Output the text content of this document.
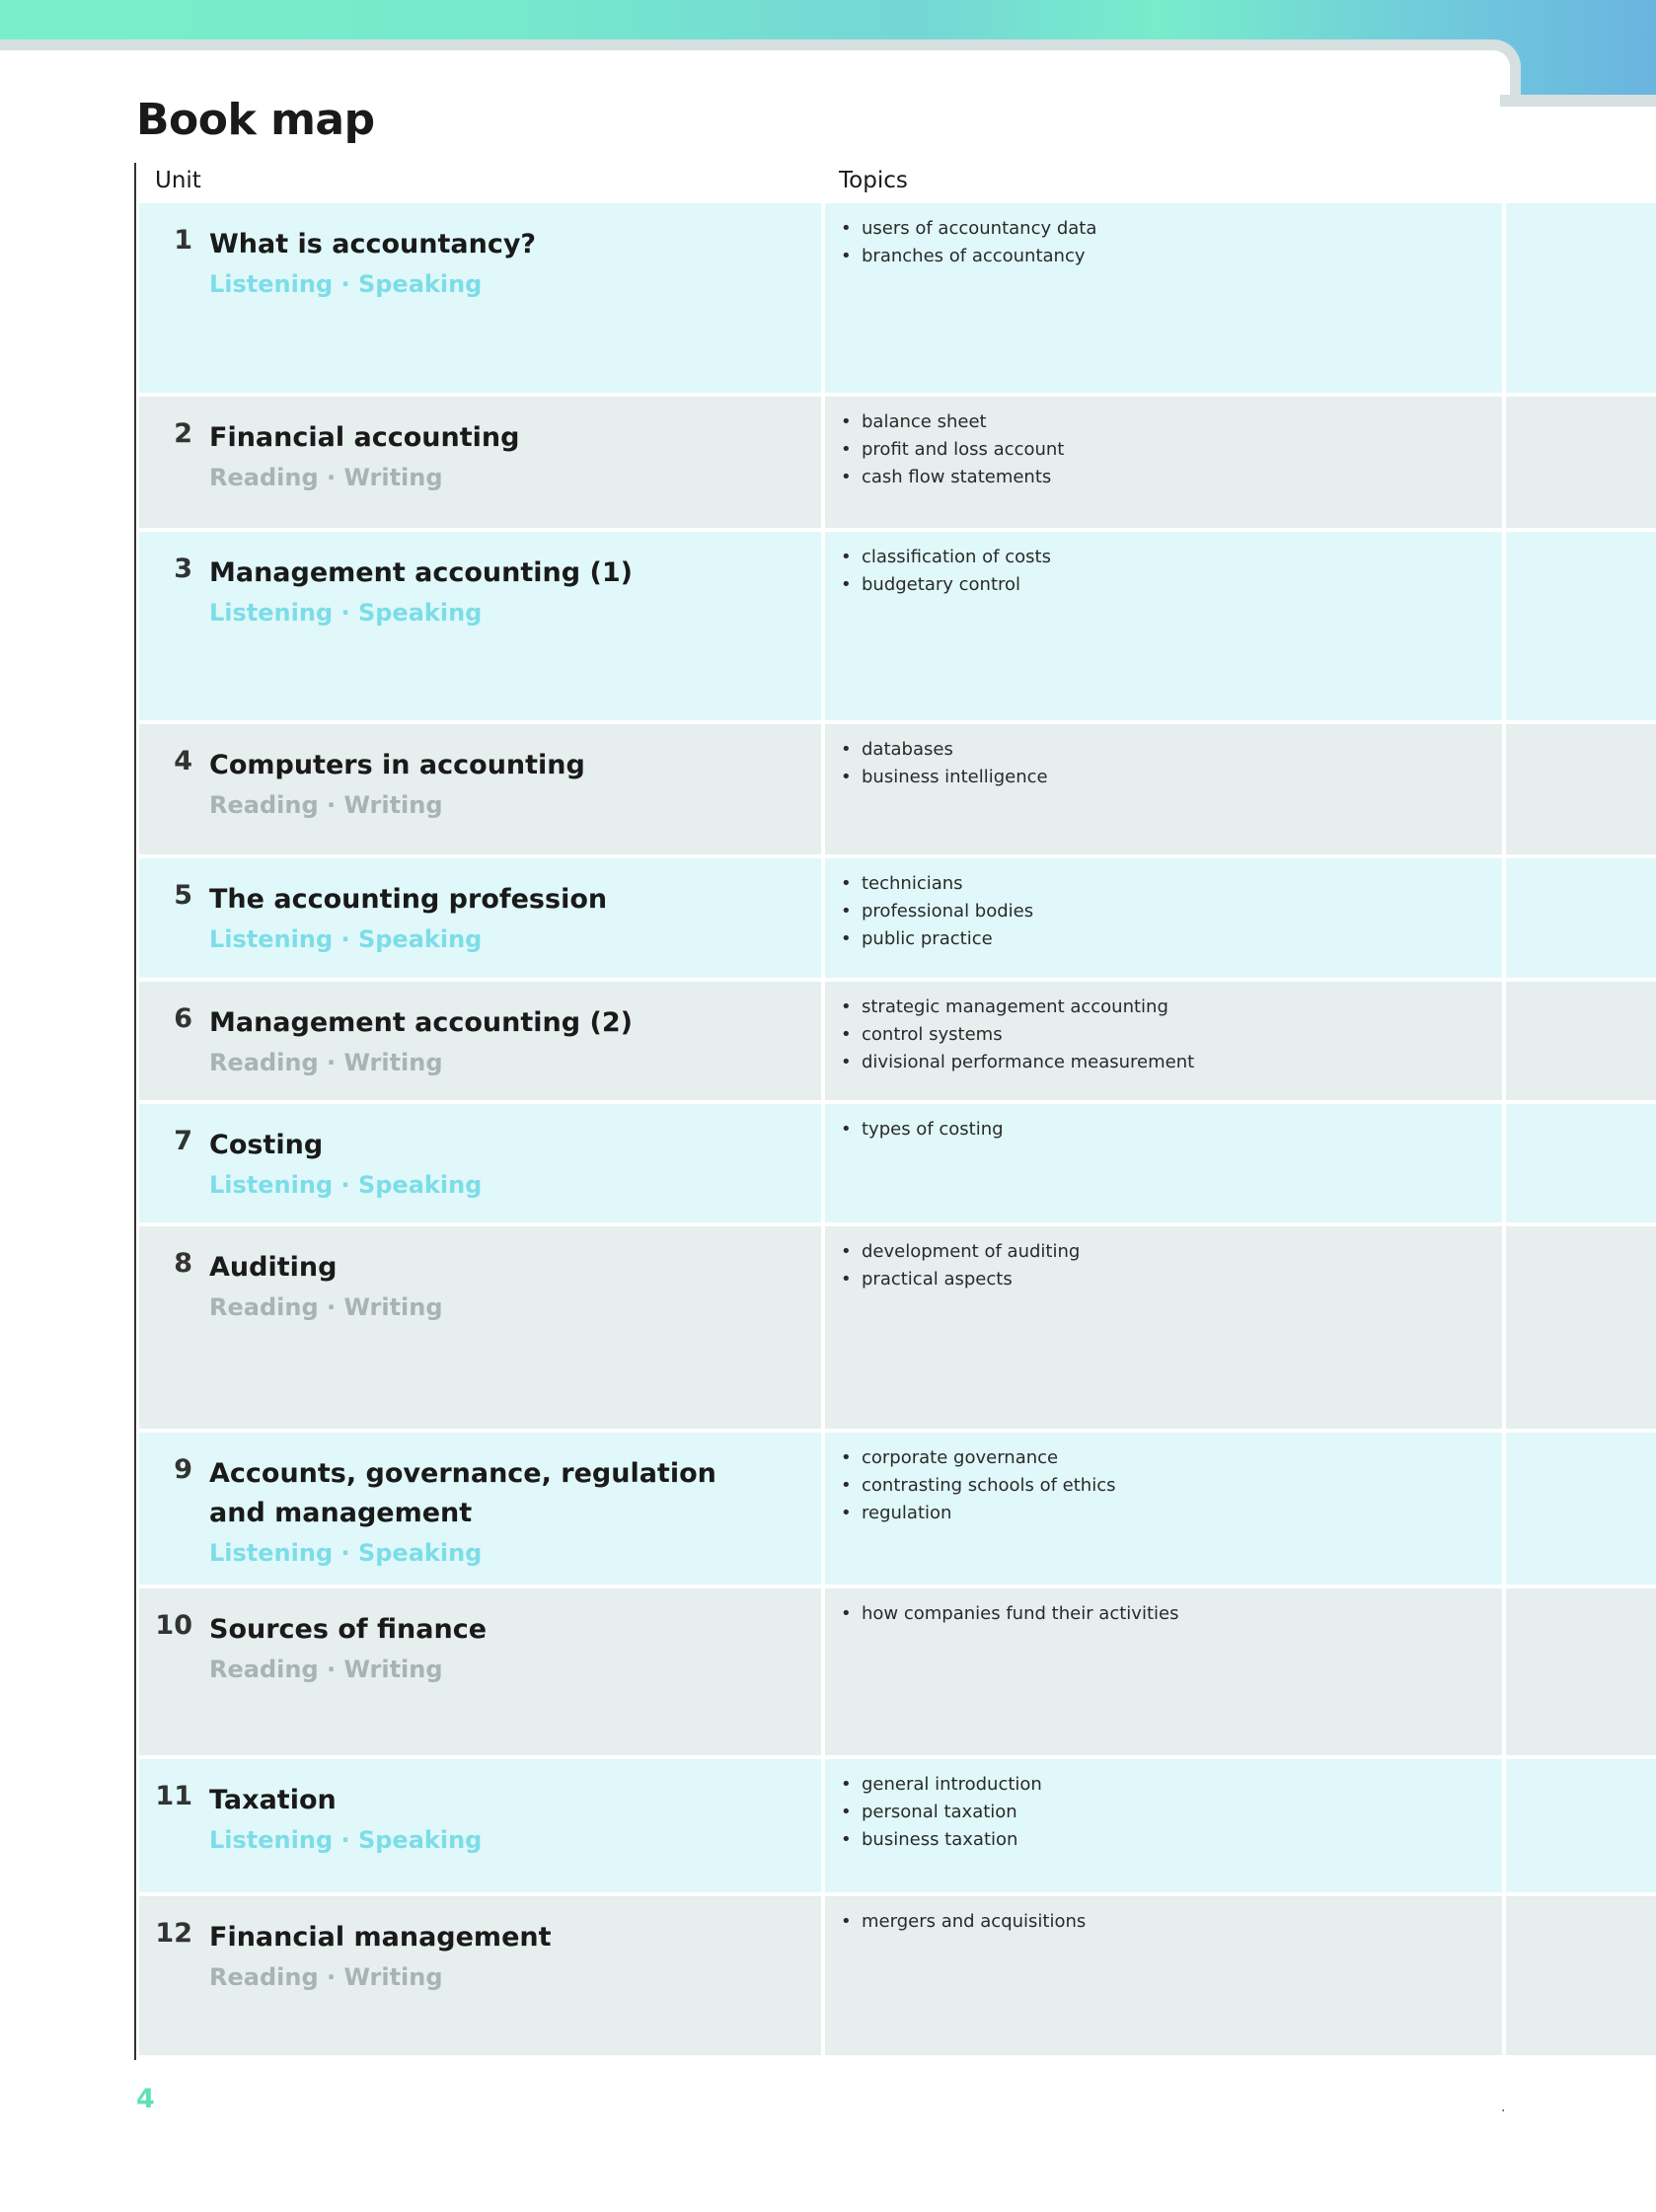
Book map
Unit	Topics
1 What is accountancy?
Listening · Speaking
• users of accountancy data
• branches of accountancy
2 Financial accounting
Reading · Writing
• balance sheet
• profit and loss account
• cash flow statements
3 Management accounting (1)
Listening · Speaking
• classification of costs
• budgetary control
4 Computers in accounting
Reading · Writing
• databases
• business intelligence
5 The accounting profession
Listening · Speaking
• technicians
• professional bodies
• public practice
6 Management accounting (2)
Reading · Writing
• strategic management accounting
• control systems
• divisional performance measurement
7 Costing
Listening · Speaking
• types of costing
8 Auditing
Reading · Writing
• development of auditing
• practical aspects
9 Accounts, governance, regulation and management
Listening · Speaking
• corporate governance
• contrasting schools of ethics
• regulation
10 Sources of finance
Reading · Writing
• how companies fund their activities
11 Taxation
Listening · Speaking
• general introduction
• personal taxation
• business taxation
12 Financial management
Reading · Writing
• mergers and acquisitions
4	.
